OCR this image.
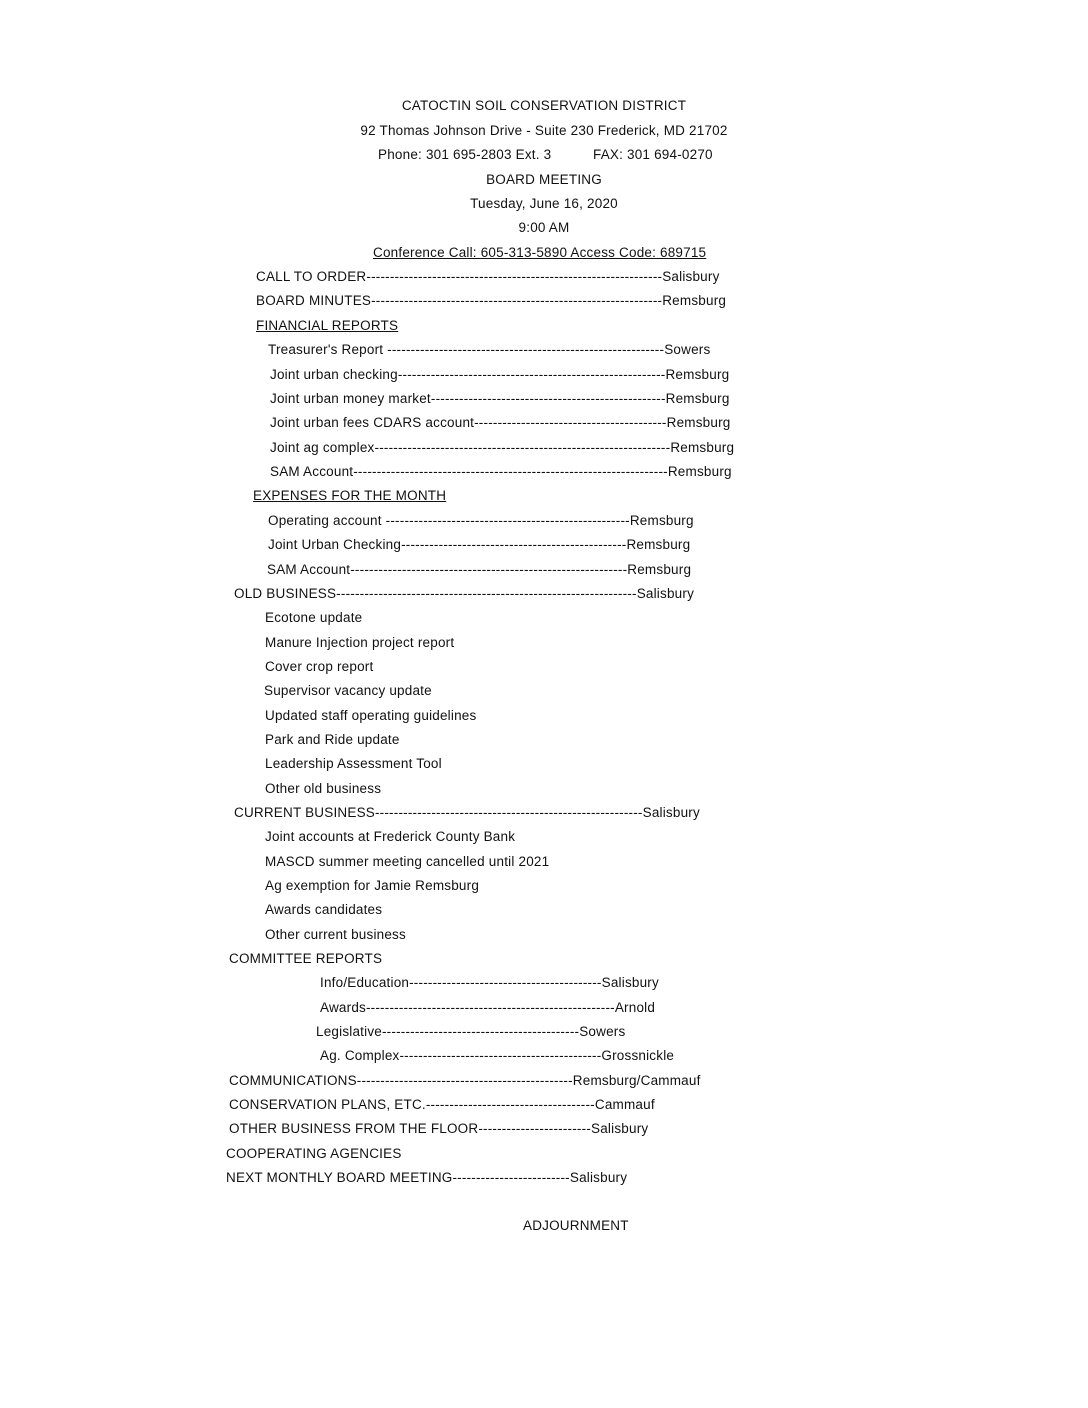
CATOCTIN SOIL CONSERVATION DISTRICT
92 Thomas Johnson Drive - Suite 230 Frederick, MD 21702
Phone: 301 695-2803 Ext. 3	FAX: 301 694-0270
BOARD MEETING
Tuesday, June 16, 2020
9:00 AM
Conference Call: 605-313-5890 Access Code: 689715
CALL TO ORDER---------------------------------------------------------------Salisbury
BOARD MINUTES--------------------------------------------------------------Remsburg
FINANCIAL REPORTS
Treasurer's Report -----------------------------------------------------------Sowers
Joint urban checking---------------------------------------------------------Remsburg
Joint urban money market--------------------------------------------------Remsburg
Joint urban fees CDARS account-----------------------------------------Remsburg
Joint ag complex---------------------------------------------------------------Remsburg
SAM Account-------------------------------------------------------------------Remsburg
EXPENSES FOR THE MONTH
Operating account ----------------------------------------------------Remsburg
Joint Urban Checking------------------------------------------------Remsburg
SAM Account-----------------------------------------------------------Remsburg
OLD BUSINESS----------------------------------------------------------------Salisbury
Ecotone update
Manure Injection project report
Cover crop report
Supervisor vacancy update
Updated staff operating guidelines
Park and Ride update
Leadership Assessment Tool
Other old business
CURRENT BUSINESS---------------------------------------------------------Salisbury
Joint accounts at Frederick County Bank
MASCD summer meeting cancelled until 2021
Ag exemption for Jamie Remsburg
Awards candidates
Other current business
COMMITTEE REPORTS
Info/Education-----------------------------------------Salisbury
Awards-----------------------------------------------------Arnold
Legislative------------------------------------------Sowers
Ag. Complex-------------------------------------------Grossnickle
COMMUNICATIONS----------------------------------------------Remsburg/Cammauf
CONSERVATION PLANS, ETC.------------------------------------Cammauf
OTHER BUSINESS FROM THE FLOOR------------------------Salisbury
COOPERATING AGENCIES
NEXT MONTHLY BOARD MEETING-------------------------Salisbury
ADJOURNMENT
